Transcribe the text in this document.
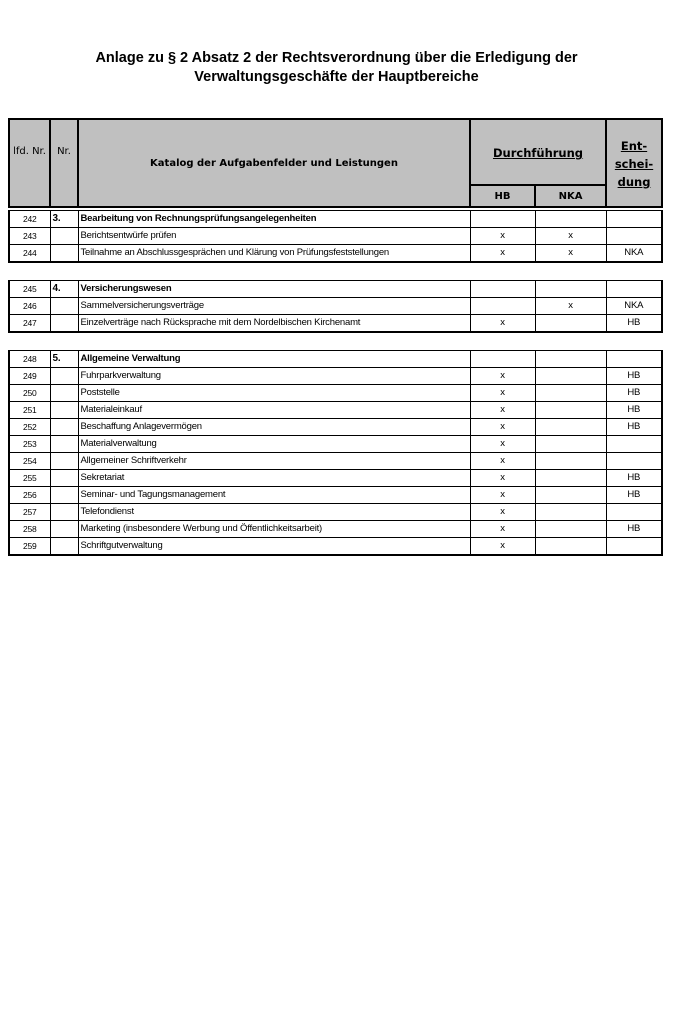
Anlage zu § 2 Absatz 2 der Rechtsverordnung über die Erledigung der
Verwaltungsgeschäfte der Hauptbereiche
lfd. Nr.	Nr.	Katalog der Aufgabenfelder und Leistungen	Durchführung		Ent-
schei-
dung
			HB	NKA	
242	3.	Bearbeitung von Rechnungsprüfungsangelegenheiten			
243		Berichtsentwürfe prüfen	x	x	
244		Teilnahme an Abschlussgesprächen und Klärung von Prüfungsfeststellungen	x	x	NKA
245	4.	Versicherungswesen			
246		Sammelversicherungsverträge		x	NKA
247		Einzelverträge nach Rücksprache mit dem Nordelbischen Kirchenamt	x		HB
248	5.	Allgemeine Verwaltung			
249		Fuhrparkverwaltung	x		HB
250		Poststelle	x		HB
251		Materialeinkauf	x		HB
252		Beschaffung Anlagevermögen	x		HB
253		Materialverwaltung	x		
254		Allgemeiner Schriftverkehr	x		
255		Sekretariat	x		HB
256		Seminar- und Tagungsmanagement	x		HB
257		Telefondienst	x		
258		Marketing (insbesondere Werbung und Öffentlichkeitsarbeit)	x		HB
259		Schriftgutverwaltung	x		
